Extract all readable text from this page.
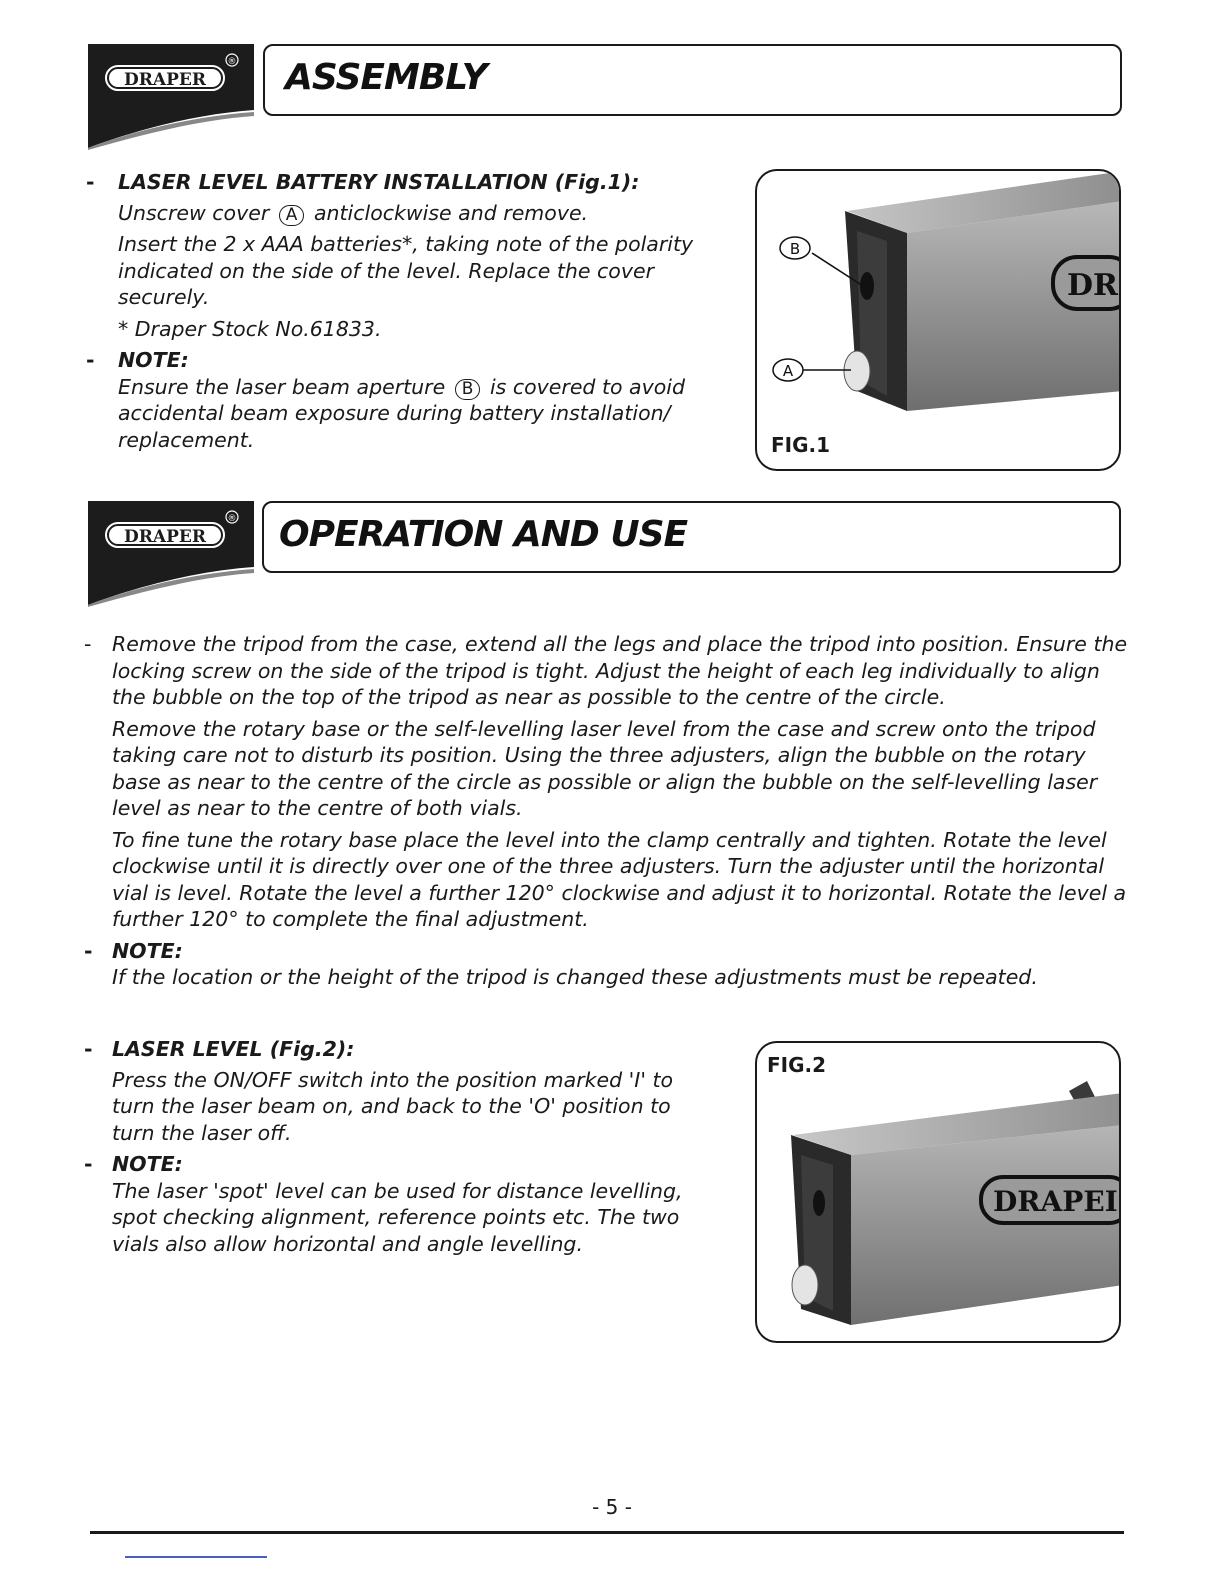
DRAPER
® ASSEMBLY
- LASER LEVEL BATTERY INSTALLATION (Fig.1):

Unscrew cover A anticlockwise and remove.

Insert the 2 x AAA batteries*, taking note of the polarity indicated on the side of the level. Replace the cover securely.

* Draper Stock No.61833.

- NOTE:

Ensure the laser beam aperture B is covered to avoid accidental beam exposure during battery installation/ replacement.

DR
B
A
FIG.1
DRAPER
® OPERATION AND USE
- Remove the tripod from the case, extend all the legs and place the tripod into position. Ensure the locking screw on the side of the tripod is tight. Adjust the height of each leg individually to align the bubble on the top of the tripod as near as possible to the centre of the circle.

Remove the rotary base or the self-levelling laser level from the case and screw onto the tripod taking care not to disturb its position. Using the three adjusters, align the bubble on the rotary base as near to the centre of the circle as possible or align the bubble on the self-levelling laser level as near to the centre of both vials.

To fine tune the rotary base place the level into the clamp centrally and tighten. Rotate the level clockwise until it is directly over one of the three adjusters. Turn the adjuster until the horizontal vial is level. Rotate the level a further 120° clockwise and adjust it to horizontal. Rotate the level a further 120° to complete the final adjustment.

- NOTE:

If the location or the height of the tripod is changed these adjustments must be repeated.

- LASER LEVEL (Fig.2):

Press the ON/OFF switch into the position marked 'I' to turn the laser beam on, and back to the 'O' position to turn the laser off.

- NOTE:

The laser 'spot' level can be used for distance levelling, spot checking alignment, reference points etc. The two vials also allow horizontal and angle levelling.

DRAPEI
FIG.2
- 5 -
